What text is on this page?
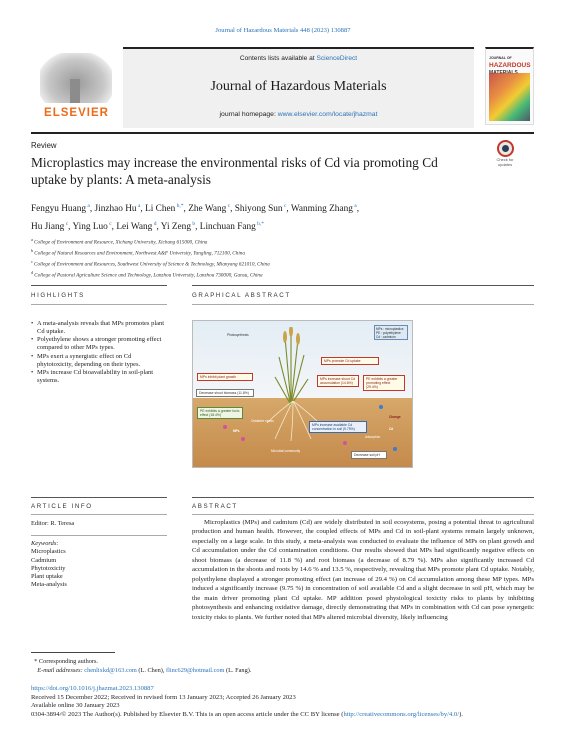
Journal of Hazardous Materials 448 (2023) 130887
ELSEVIER
Contents lists available at ScienceDirect
Journal of Hazardous Materials
journal homepage: www.elsevier.com/locate/jhazmat
JOURNAL OF
HAZARDOUS

Review
Microplastics may increase the environmental risks of Cd via promoting Cd uptake by plants: A meta-analysis
Check for updates
Fengyu Huang $^a$, Jinzhao Hu $^a$, Li Chen $^{b,*}$, Zhe Wang $^c$, Shiyong Sun $^c$, Wanming Zhang $^a$,
Hu Jiang $^c$, Ying Luo $^c$, Lei Wang $^d$, Yi Zeng $^b$, Linchuan Fang $^{b,*}$
$^a$ College of Environment and Resource, Xichang University, Xichang 615000, China
$^b$ College of Natural Resources and Environment, Northwest A&F University, Yangling, 712100, China
$^c$ College of Environment and Resources, Southwest University of Science & Technology, Mianyang 621010, China
$^d$ College of Pastoral Agriculture Science and Technology, Lanzhou University, Lanzhou 730000, Gansu, China
HIGHLIGHTS
• A meta-analysis reveals that MPs promotes plant Cd uptake.
• Polyethylene shows a stronger promoting effect compared to other MPs types.
• MPs exert a synergistic effect on Cd phytotoxicity, depending on their types.
• MPs increase Cd bioavailability in soil-plant systems.
GRAPHICAL ABSTRACT
Photosynthesis
MPs inhibit plant growth
Decrease shoot biomass (11.8%)
MPs promote Cd uptake
MPs increase shoot Cd accumulation (14.6%)
PE exhibits a greater promoting effect (29.4%)
PE exhibits a greater toxic effect (18.4%)
Oxidative stress
MPs	Cd
MPs increase available Cd concentration in soil (9.75%)
Microbial community
Change
Decrease soil pH
Adsorption
MPs : microplastics
PE : polyethylene
Cd : cadmium
ARTICLE INFO
Editor: R. Teresa
Keywords:
Microplastics
Cadmium
Phytotoxicity
Plant uptake
Meta-analysis
ABSTRACT

Microplastics (MPs) and cadmium (Cd) are widely distributed in soil ecosystems, posing a potential threat to agricultural production and human health. However, the coupled effects of MPs and Cd in soil-plant systems remain largely unknown, especially on a large scale. In this study, a meta-analysis was conducted to evaluate the influence of MPs on plant growth and Cd accumulation under the Cd contamination conditions. Our results showed that MPs had significantly negative effects on shoot biomass (a decrease of 11.8 %) and root biomass (a decrease of 8.79 %). MPs also significantly increased Cd accumulation in the shoots and roots by 14.6 % and 13.5 %, respectively, revealing that MPs promote plant Cd uptake. Notably, polyethylene displayed a stronger promoting effect (an increase of 29.4 %) on Cd accumulation among these MP types. MPs induced a significantly increase (9.75 %) in concentration of soil available Cd and a slight decrease in soil pH, which may be the main driver promoting plant Cd uptake. MP addition posed physiological toxicity risks to plants by inhibiting photosynthesis and enhancing oxidative damage, directly demonstrating that MPs in combination with Cd can pose synergetic toxicity risks to plants. We further noted that MPs altered microbial diversity, likely influencing

* Corresponding authors.
E-mail addresses: chenlixkd@163.com (L. Chen), flinc629@hotmail.com (L. Fang).
https://doi.org/10.1016/j.jhazmat.2023.130887
Received 15 December 2022; Received in revised form 13 January 2023; Accepted 26 January 2023
Available online 30 January 2023
0304-3894/© 2023 The Author(s). Published by Elsevier B.V. This is an open access article under the CC BY license (http://creativecommons.org/licenses/by/4.0/).
